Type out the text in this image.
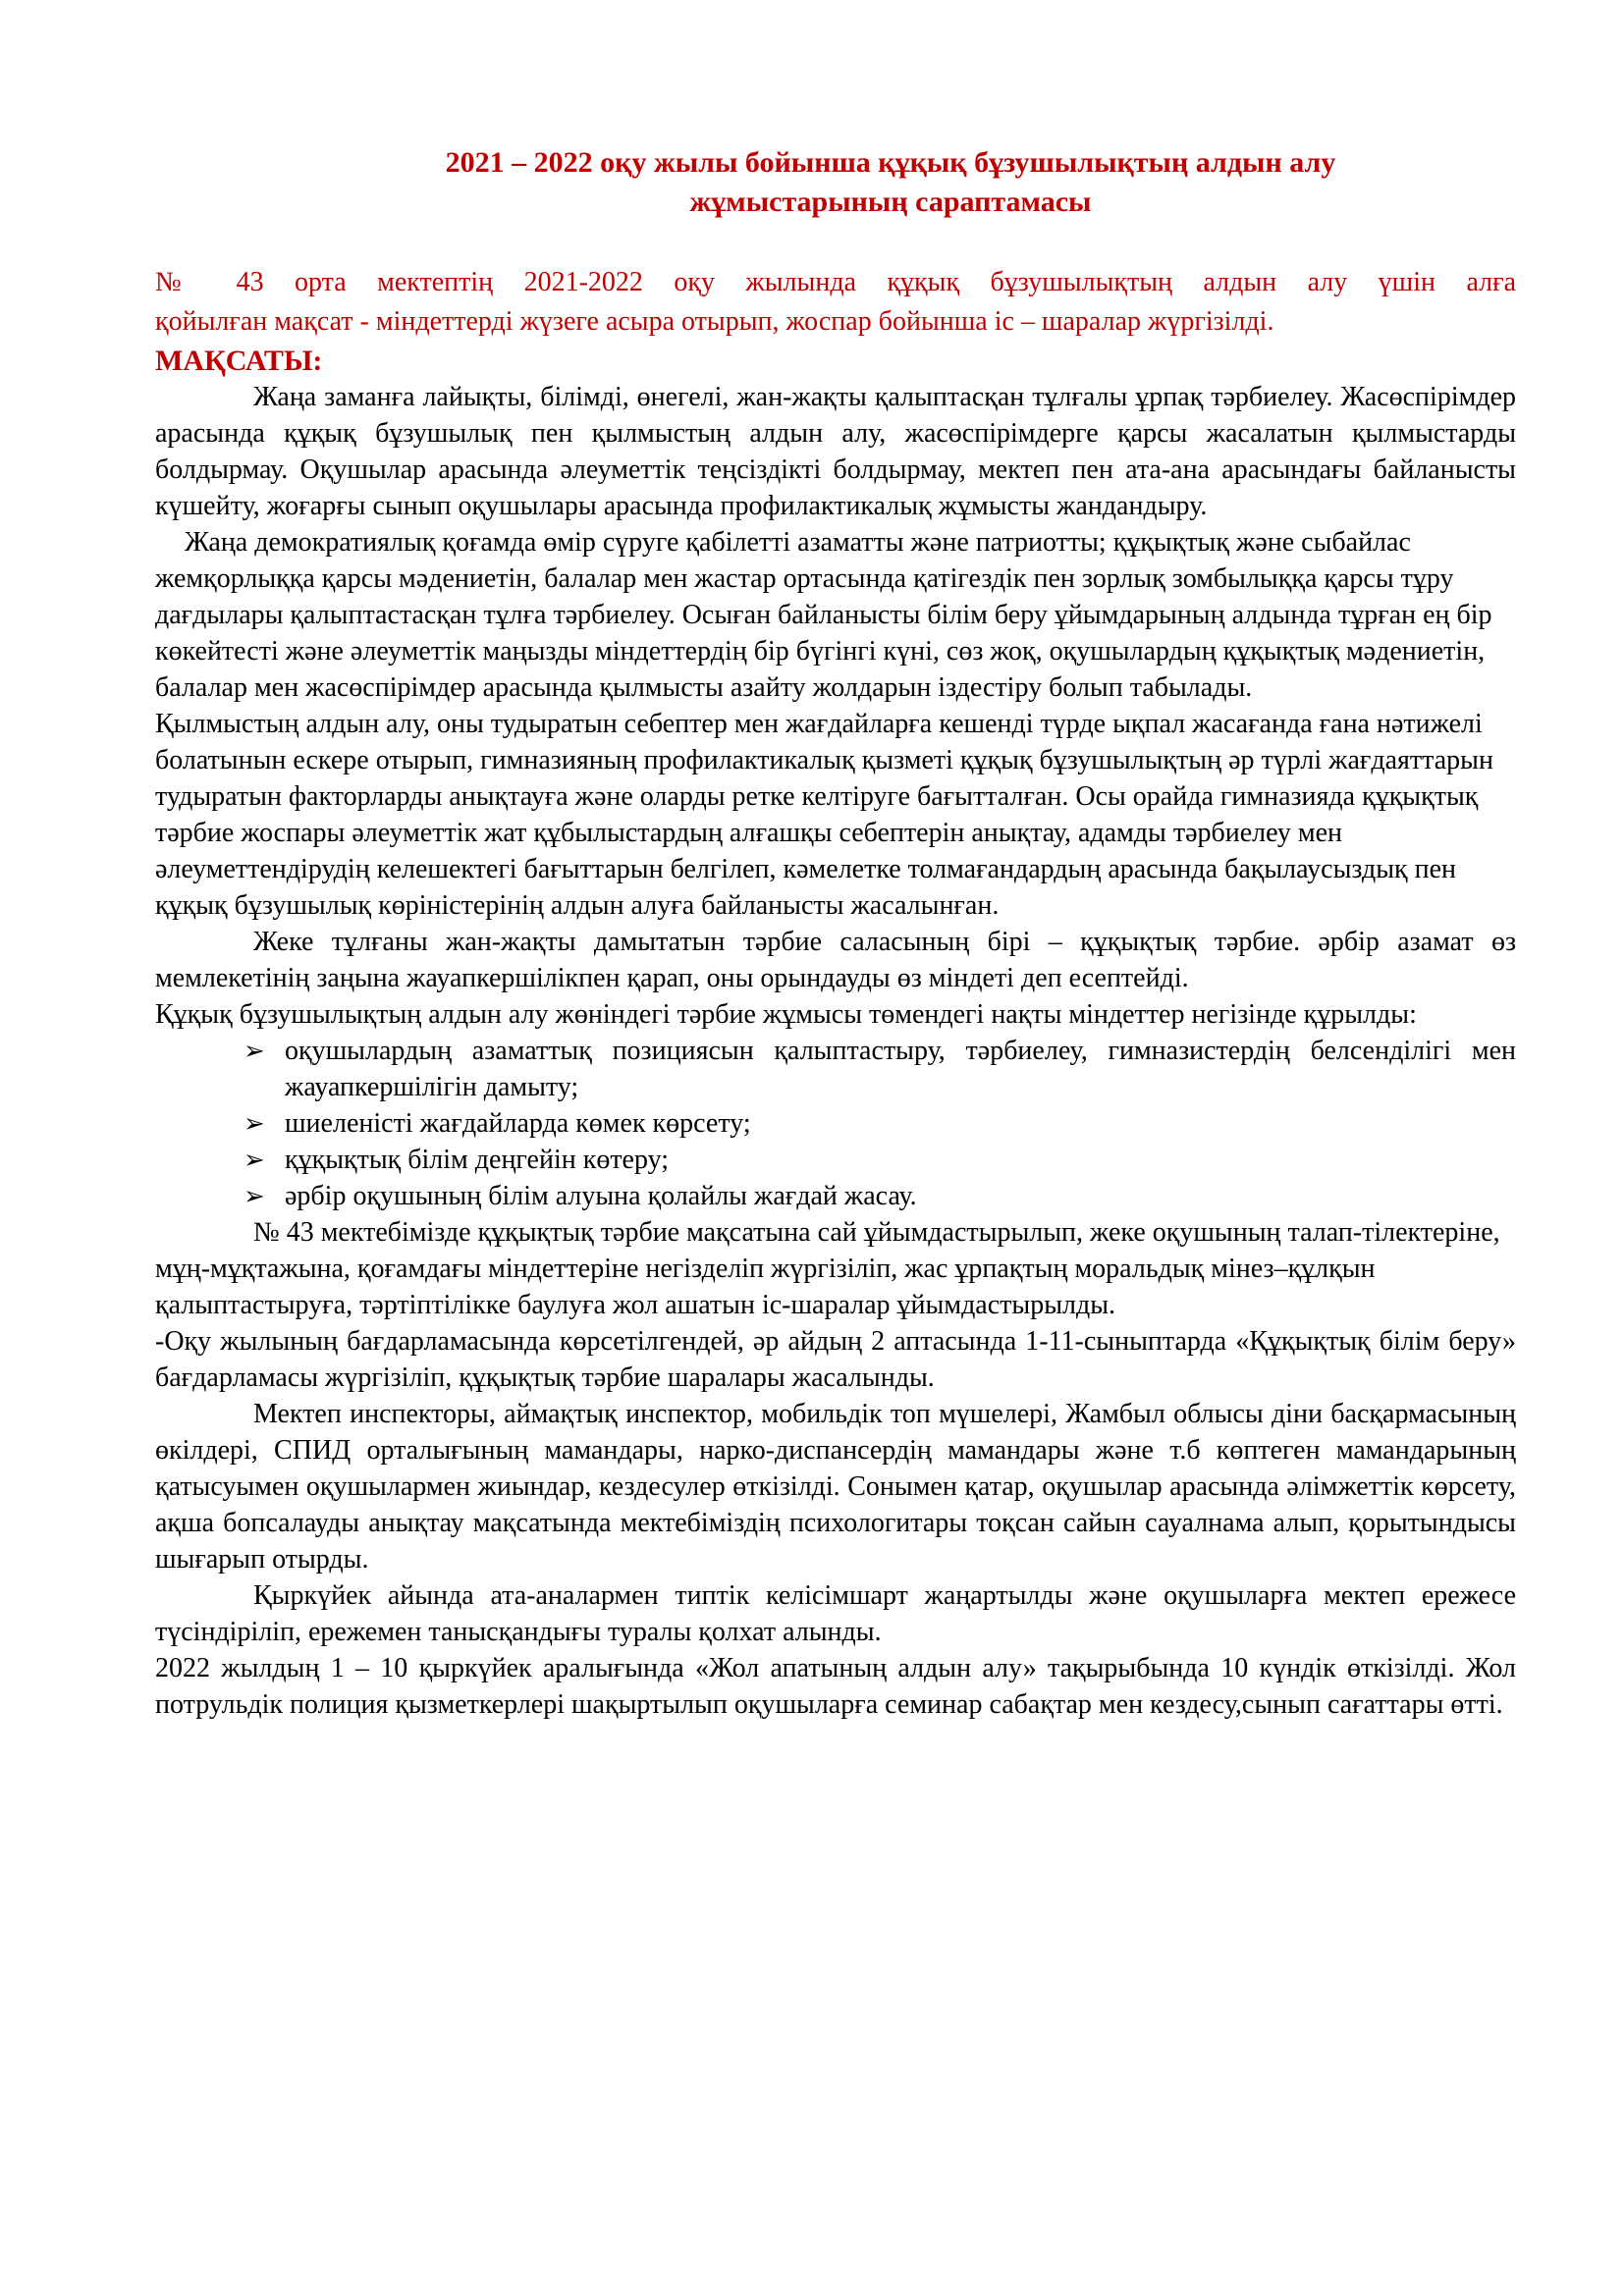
2021 – 2022 оқу жылы бойынша құқық бұзушылықтың алдын алу
жұмыстарының сараптамасы
№ 43 орта мектептің 2021-2022 оқу жылында құқық бұзушылықтың алдын алу үшін алға
қойылған мақсат - міндеттерді жүзеге асыра отырып, жоспар бойынша іс – шаралар жүргізілді.
МАҚСАТЫ:

Жаңа заманға лайықты, білімді, өнегелі, жан-жақты қалыптасқан тұлғалы ұрпақ тәрбиелеу. Жасөспірімдер арасында құқық бұзушылық пен қылмыстың алдын алу, жасөспірімдерге қарсы жасалатын қылмыстарды болдырмау. Оқушылар арасында әлеуметтік теңсіздікті болдырмау, мектеп пен ата-ана арасындағы байланысты күшейту, жоғарғы сынып оқушылары арасында профилактикалық жұмысты жандандыру.

Жаңа демократиялық қоғамда өмір сүруге қабілетті азаматты және патриотты; құқықтық және сыбайлас жемқорлыққа қарсы мәдениетін, балалар мен жастар ортасында қатігездік пен зорлық зомбылыққа қарсы тұру дағдылары қалыптастасқан тұлға тәрбиелеу. Осыған байланысты білім беру ұйымдарының алдында тұрған ең бір көкейтесті және әлеуметтік маңызды міндеттердің бір бүгінгі күні, сөз жоқ, оқушылардың құқықтық мәдениетін, балалар мен жасөспірімдер арасында қылмысты азайту жолдарын іздестіру болып табылады.

Қылмыстың алдын алу, оны тудыратын себептер мен жағдайларға кешенді түрде ықпал жасағанда ғана нәтижелі болатынын ескере отырып, гимназияның профилактикалық қызметі құқық бұзушылықтың әр түрлі жағдаяттарын тудыратын факторларды анықтауға және оларды ретке келтіруге бағытталған. Осы орайда гимназияда құқықтық тәрбие жоспары әлеуметтік жат құбылыстардың алғашқы себептерін анықтау, адамды тәрбиелеу мен әлеуметтендірудің келешектегі бағыттарын белгілеп, кәмелетке толмағандардың арасында бақылаусыздық пен құқық бұзушылық көріністерінің алдын алуға байланысты жасалынған.

Жеке тұлғаны жан-жақты дамытатын тәрбие саласының бірі – құқықтық тәрбие. әрбір азамат өз мемлекетінің заңына жауапкершілікпен қарап, оны орындауды өз міндеті деп есептейді.

Құқық бұзушылықтың алдын алу жөніндегі тәрбие жұмысы төмендегі нақты міндеттер негізінде құрылды:

➢ оқушылардың азаматтық позициясын қалыптастыру, тәрбиелеу, гимназистердің белсенділігі мен жауапкершілігін дамыту;
➢ шиеленісті жағдайларда көмек көрсету;
➢ құқықтық білім деңгейін көтеру;
➢ әрбір оқушының білім алуына қолайлы жағдай жасау.

№ 43 мектебімізде құқықтық тәрбие мақсатына сай ұйымдастырылып, жеке оқушының талап-тілектеріне, мұң-мұқтажына, қоғамдағы міндеттеріне негізделіп жүргізіліп, жас ұрпақтың моральдық мінез–құлқын қалыптастыруға, тәртіптілікке баулуға жол ашатын іс-шаралар ұйымдастырылды.

-Оқу жылының бағдарламасында көрсетілгендей, әр айдың 2 аптасында 1-11-сыныптарда «Құқықтық білім беру» бағдарламасы жүргізіліп, құқықтық тәрбие шаралары жасалынды.

Мектеп инспекторы, аймақтық инспектор, мобильдік топ мүшелері, Жамбыл облысы діни басқармасының өкілдері, СПИД орталығының мамандары, нарко-диспансердің мамандары және т.б көптеген мамандарының қатысуымен оқушылармен жиындар, кездесулер өткізілді. Сонымен қатар, оқушылар арасында әлімжеттік көрсету, ақша бопсалауды анықтау мақсатында мектебіміздің психологитары тоқсан сайын сауалнама алып, қорытындысы шығарып отырды.

Қыркүйек айында ата-аналармен типтік келісімшарт жаңартылды және оқушыларға мектеп ережесе түсіндіріліп, ережемен танысқандығы туралы қолхат алынды.

2022 жылдың 1 – 10 қыркүйек аралығында «Жол апатының алдын алу» тақырыбында 10 күндік өткізілді. Жол потрульдік полиция қызметкерлері шақыртылып оқушыларға семинар сабақтар мен кездесу,сынып сағаттары өтті.
